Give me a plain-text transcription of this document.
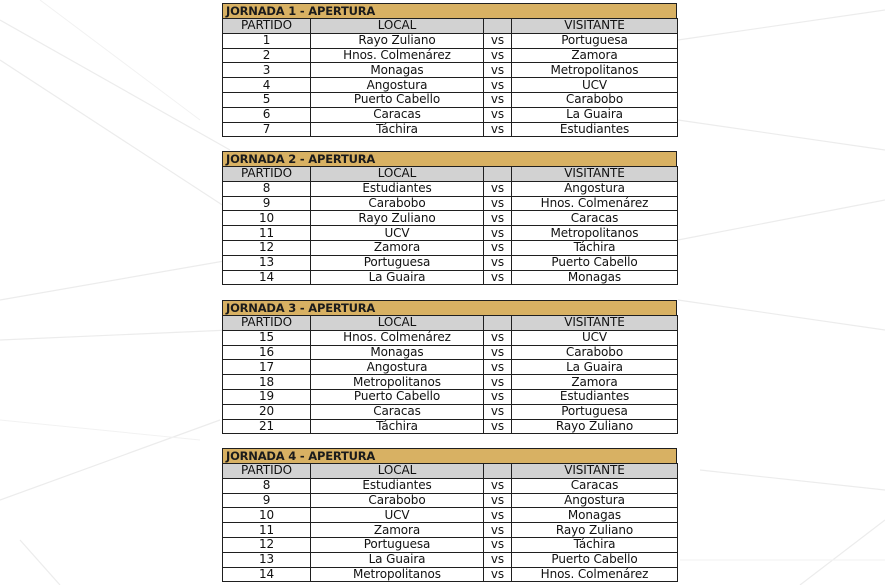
JORNADA 1 - APERTURA
PARTIDO	LOCAL		VISITANTE
1	Rayo Zuliano	vs	Portuguesa
2	Hnos. Colmenárez	vs	Zamora
3	Monagas	vs	Metropolitanos
4	Angostura	vs	UCV
5	Puerto Cabello	vs	Carabobo
6	Caracas	vs	La Guaira
7	Táchira	vs	Estudiantes
JORNADA 2 - APERTURA
PARTIDO	LOCAL		VISITANTE
8	Estudiantes	vs	Angostura
9	Carabobo	vs	Hnos. Colmenárez
10	Rayo Zuliano	vs	Caracas
11	UCV	vs	Metropolitanos
12	Zamora	vs	Táchira
13	Portuguesa	vs	Puerto Cabello
14	La Guaira	vs	Monagas
JORNADA 3 - APERTURA
PARTIDO	LOCAL		VISITANTE
15	Hnos. Colmenárez	vs	UCV
16	Monagas	vs	Carabobo
17	Angostura	vs	La Guaira
18	Metropolitanos	vs	Zamora
19	Puerto Cabello	vs	Estudiantes
20	Caracas	vs	Portuguesa
21	Táchira	vs	Rayo Zuliano
JORNADA 4 - APERTURA
PARTIDO	LOCAL		VISITANTE
8	Estudiantes	vs	Caracas
9	Carabobo	vs	Angostura
10	UCV	vs	Monagas
11	Zamora	vs	Rayo Zuliano
12	Portuguesa	vs	Táchira
13	La Guaira	vs	Puerto Cabello
14	Metropolitanos	vs	Hnos. Colmenárez
